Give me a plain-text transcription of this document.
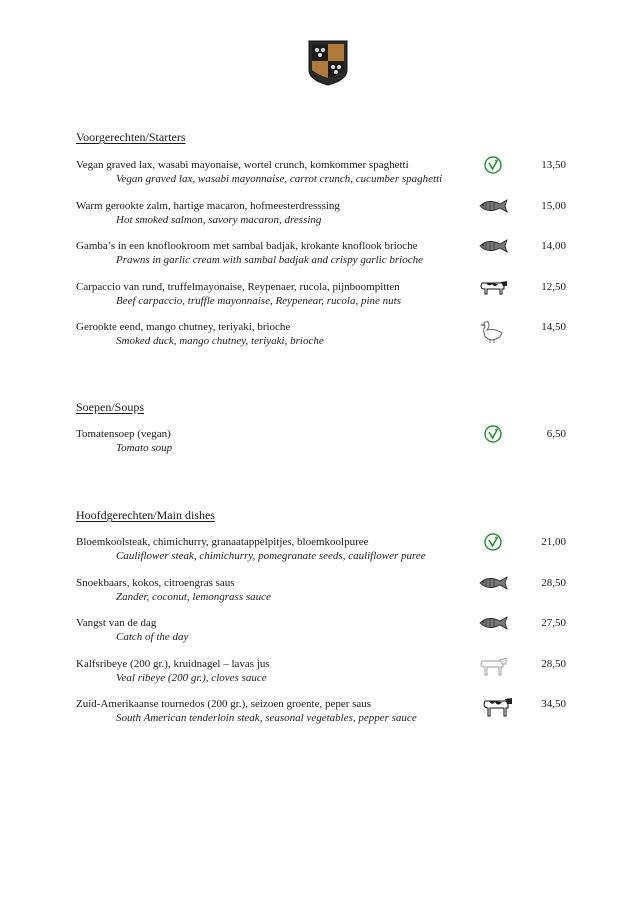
Voorgerechten/Starters
Vegan graved lax, wasabi mayonaise, wortel crunch, komkommer spaghetti
Vegan graved lax, wasabi mayonnaise, carrot crunch, cucumber spaghetti
13,50
Warm gerookte zalm, hartige macaron, hofmeesterdresssing
Hot smoked salmon, savory macaron, dressing
15,00
Gamba’s in een knoflookroom met sambal badjak, krokante knoflook brioche
Prawns in garlic cream with sambal badjak and crispy garlic brioche
14,00
Carpaccio van rund, truffelmayonaise, Reypenaer, rucola, pijnboompitten
Beef carpaccio, truffle mayonnaise, Reypenear, rucola, pine nuts
12,50
Gerookte eend, mango chutney, teriyaki, brioche
Smoked duck, mango chutney, teriyaki, brioche
14,50
Soepen/Soups
Tomatensoep (vegan)
Tomato soup
6,50
Hoofdgerechten/Main dishes
Bloemkoolsteak, chimichurry, granaatappelpitjes, bloemkoolpuree
Cauliflower steak, chimichurry, pomegranate seeds, cauliflower puree
21,00
Snoekbaars, kokos, citroengras saus
Zander, coconut, lemongrass sauce
28,50
Vangst van de dag
Catch of the day
27,50
Kalfsribeye (200 gr.), kruidnagel – lavas jus
Veal ribeye (200 gr.), cloves sauce
28,50
Zuid-Amerikaanse tournedos (200 gr.), seizoen groente, peper saus
South American tenderloin steak, seasonal vegetables, pepper sauce
34,50
